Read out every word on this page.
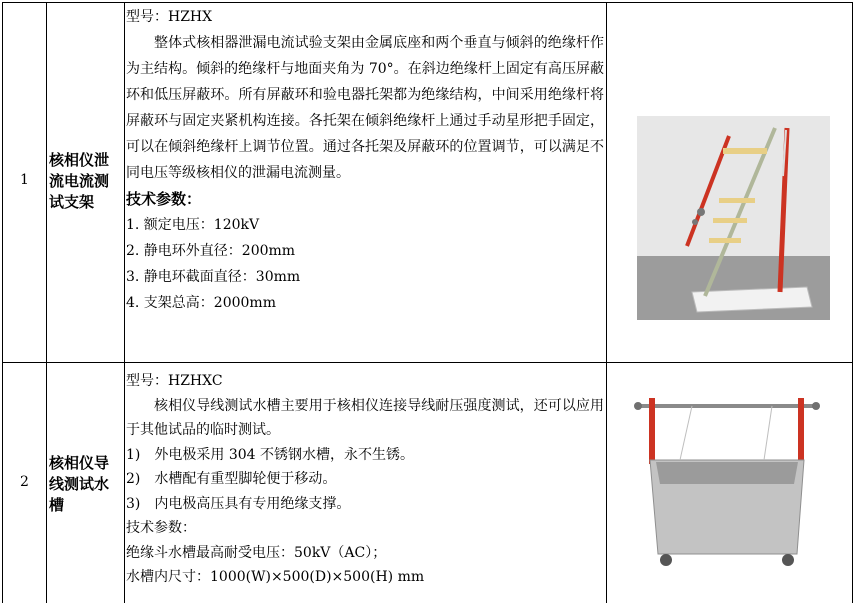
1
核相仪泄流电流测试支架

型号：HZHX

整体式核相器泄漏电流试验支架由金属底座和两个垂直与倾斜的绝缘杆作为主结构。倾斜的绝缘杆与地面夹角为 70°。在斜边绝缘杆上固定有高压屏蔽环和低压屏蔽环。所有屏蔽环和验电器托架都为绝缘结构，中间采用绝缘杆将屏蔽环与固定夹紧机构连接。各托架在倾斜绝缘杆上通过手动星形把手固定，可以在倾斜绝缘杆上调节位置。通过各托架及屏蔽环的位置调节，可以满足不同电压等级核相仪的泄漏电流测量。

技术参数：

1. 额定电压：120kV

2. 静电环外直径：200mm

3. 静电环截面直径：30mm

4. 支架总高：2000mm

2
核相仪导线测试水槽

型号：HZHXC

核相仪导线测试水槽主要用于核相仪连接导线耐压强度测试，还可以应用于其他试品的临时测试。

1)　外电极采用 304 不锈钢水槽，永不生锈。

2)　水槽配有重型脚轮便于移动。

3)　内电极高压具有专用绝缘支撑。

技术参数：

绝缘斗水槽最高耐受电压：50kV（AC）；

水槽内尺寸：1000(W)×500(D)×500(H) mm
